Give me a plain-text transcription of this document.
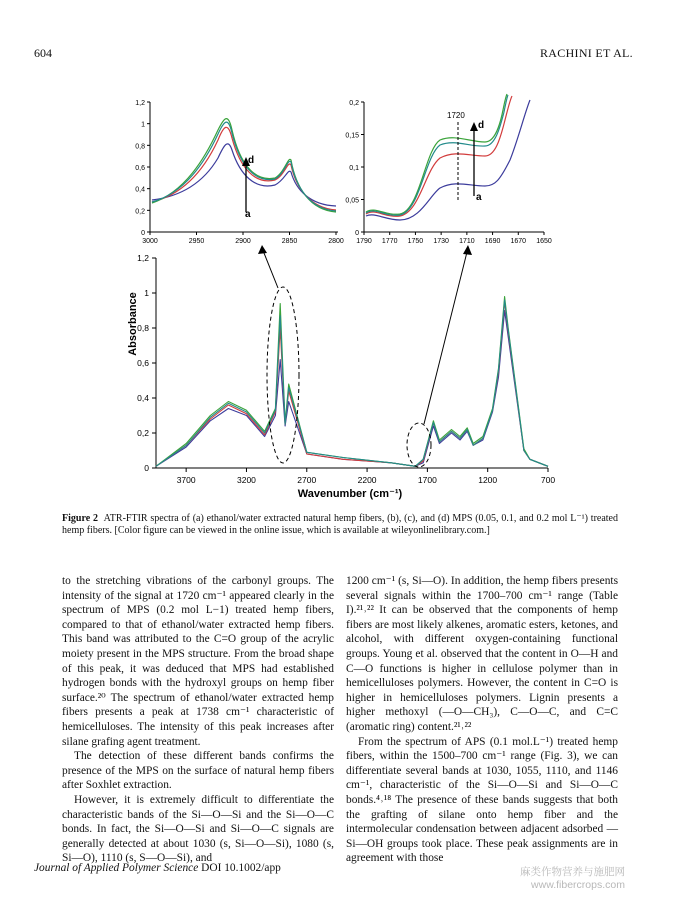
604	RACHINI ET AL.
0
0,2
0,4
0,6
0,8
1
1,2
3000	2950	2900	2850	2800
d
a
0
0,05
0,1
0,15
0,2
1790 1770 1750 1730 1710 1690 1670 1650
1720
d
a
0
0,2
0,4
0,6
0,8
1
1,2
3700	3200	2700	2200	1700	1200	700
Absorbance
Wavenumber (cm⁻¹)
Figure 2 ATR-FTIR spectra of (a) ethanol/water extracted natural hemp fibers, (b), (c), and (d) MPS (0.05, 0.1, and 0.2 mol L⁻¹) treated hemp fibers. [Color figure can be viewed in the online issue, which is available at wileyonlinelibrary.com.]

to the stretching vibrations of the carbonyl groups. The intensity of the signal at 1720 cm⁻¹ appeared clearly in the spectrum of MPS (0.2 mol L−1) treated hemp fibers, compared to that of ethanol/water extracted hemp fibers. This band was attributed to the C=O group of the acrylic moiety present in the MPS structure. From the broad shape of this peak, it was deduced that MPS had established hydrogen bonds with the hydroxyl groups on hemp fiber surface.²⁰ The spectrum of ethanol/water extracted hemp fibers presents a peak at 1738 cm⁻¹ characteristic of hemicelluloses. The intensity of this peak increases after silane grafing agent treatment.

The detection of these different bands confirms the presence of the MPS on the surface of natural hemp fibers after Soxhlet extraction.

However, it is extremely difficult to differentiate the characteristic bands of the Si—O—Si and the Si—O—C bonds. In fact, the Si—O—Si and Si—O—C signals are generally detected at about 1030 (s, Si—O—Si), 1080 (s, Si—O), 1110 (s, S—O—Si), and

1200 cm⁻¹ (s, Si—O). In addition, the hemp fibers presents several signals within the 1700–700 cm⁻¹ range (Table I).²¹˒²² It can be observed that the components of hemp fibers are most likely alkenes, aromatic esters, ketones, and alcohol, with different oxygen-containing functional groups. Young et al. observed that the content in O—H and C—O functions is higher in cellulose polymer than in hemicelluloses polymers. However, the content in C=O is higher in hemicelluloses polymers. Lignin presents a higher methoxyl (—O—CH₃), C—O—C, and C=C (aromatic ring) content.²¹˒²²

From the spectrum of APS (0.1 mol.L⁻¹) treated hemp fibers, within the 1500–700 cm⁻¹ range (Fig. 3), we can differentiate several bands at 1030, 1055, 1110, and 1146 cm⁻¹, characteristic of the Si—O—Si and Si—O—C bonds.⁴˒¹⁸ The presence of these bands suggests that both the grafting of silane onto hemp fiber and the intermolecular condensation between adjacent adsorbed —Si—OH groups took place. These peak assignments are in agreement with those

Journal of Applied Polymer Science DOI 10.1002/app	麻类作物营养与施肥网
www.fibercrops.com
